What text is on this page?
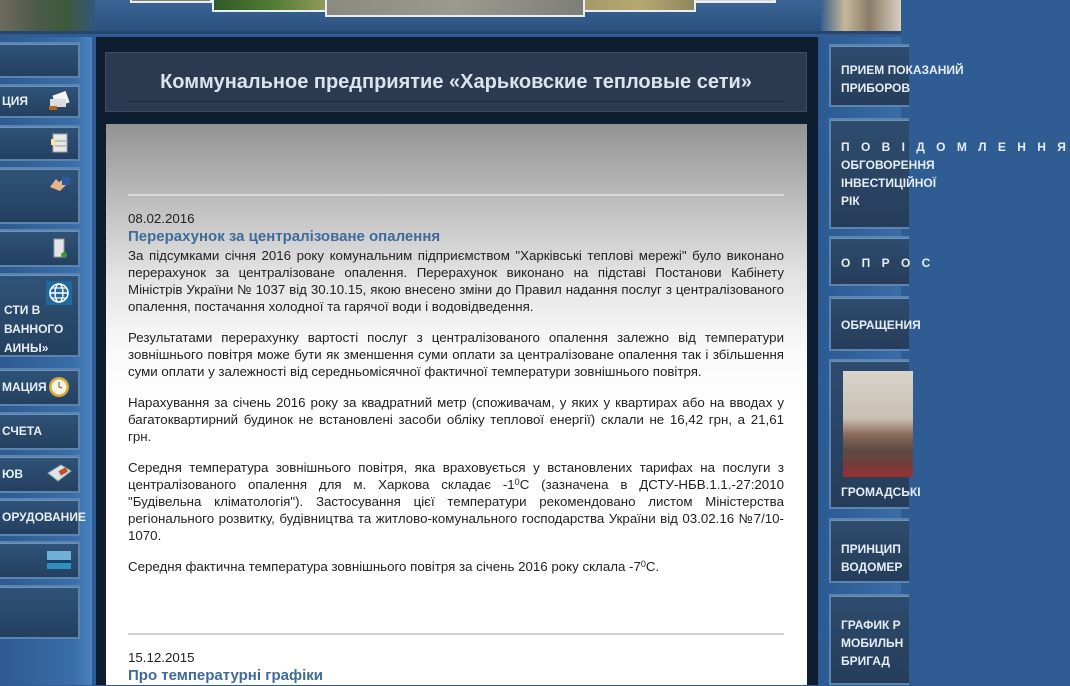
ЦИЯ
СТИ В
ВАННОГО
АИНЫ»
МАЦИЯ
СЧЕТА
ЮВ
ОРУДОВАНИЕ
Коммунальное предприятие «Харьковские тепловые сети»
08.02.2016
Перерахунок за централізоване опалення

За підсумками січня 2016 року комунальним підприємством "Харківські теплові мережі" було виконано перерахунок за централізоване опалення. Перерахунок виконано на підставі Постанови Кабінету Міністрів України № 1037 від 30.10.15, якою внесено зміни до Правил надання послуг з централізованого опалення, постачання холодної та гарячої води і водовідведення.

Результатами перерахунку вартості послуг з централізованого опалення залежно від температури зовнішнього повітря може бути як зменшення суми оплати за централізоване опалення так і збільшення суми оплати у залежності від середньомісячної фактичної температури зовнішнього повітря.

Нарахування за січень 2016 року за квадратний метр (споживачам, у яких у квартирах або на вводах у багатоквартирний будинок не встановлені засоби обліку теплової енергії) склали не 16,42 грн, а 21,61 грн.

Середня температура зовнішнього повітря, яка враховується у встановлених тарифах на послуги з централізованого опалення для м. Харкова складає $-1^0С$ (зазначена в ДСТУ-НБВ.1.1.-27:2010 "Будівельна кліматологія"). Застосування цієї температури рекомендовано листом Міністерства регіонального розвитку, будівництва та житлово-комунального господарства України від 03.02.16 №7/10-1070.

Середня фактична температура зовнішнього повітря за січень 2016 року склала $-7^0С$.

15.12.2015
Про температурні графіки
ПРИЕМ ПОКАЗАНИЙ
ПРИБОРОВ
П О В І Д О М Л Е Н Н Я
ОБГОВОРЕННЯ
ІНВЕСТИЦІЙНОЇ
РІК
О П Р О С
ОБРАЩЕНИЯ
ГРОМАДСЬКІ
ПРИНЦИП
ВОДОМЕР
ГРАФИК Р
МОБИЛЬН
БРИГАД
